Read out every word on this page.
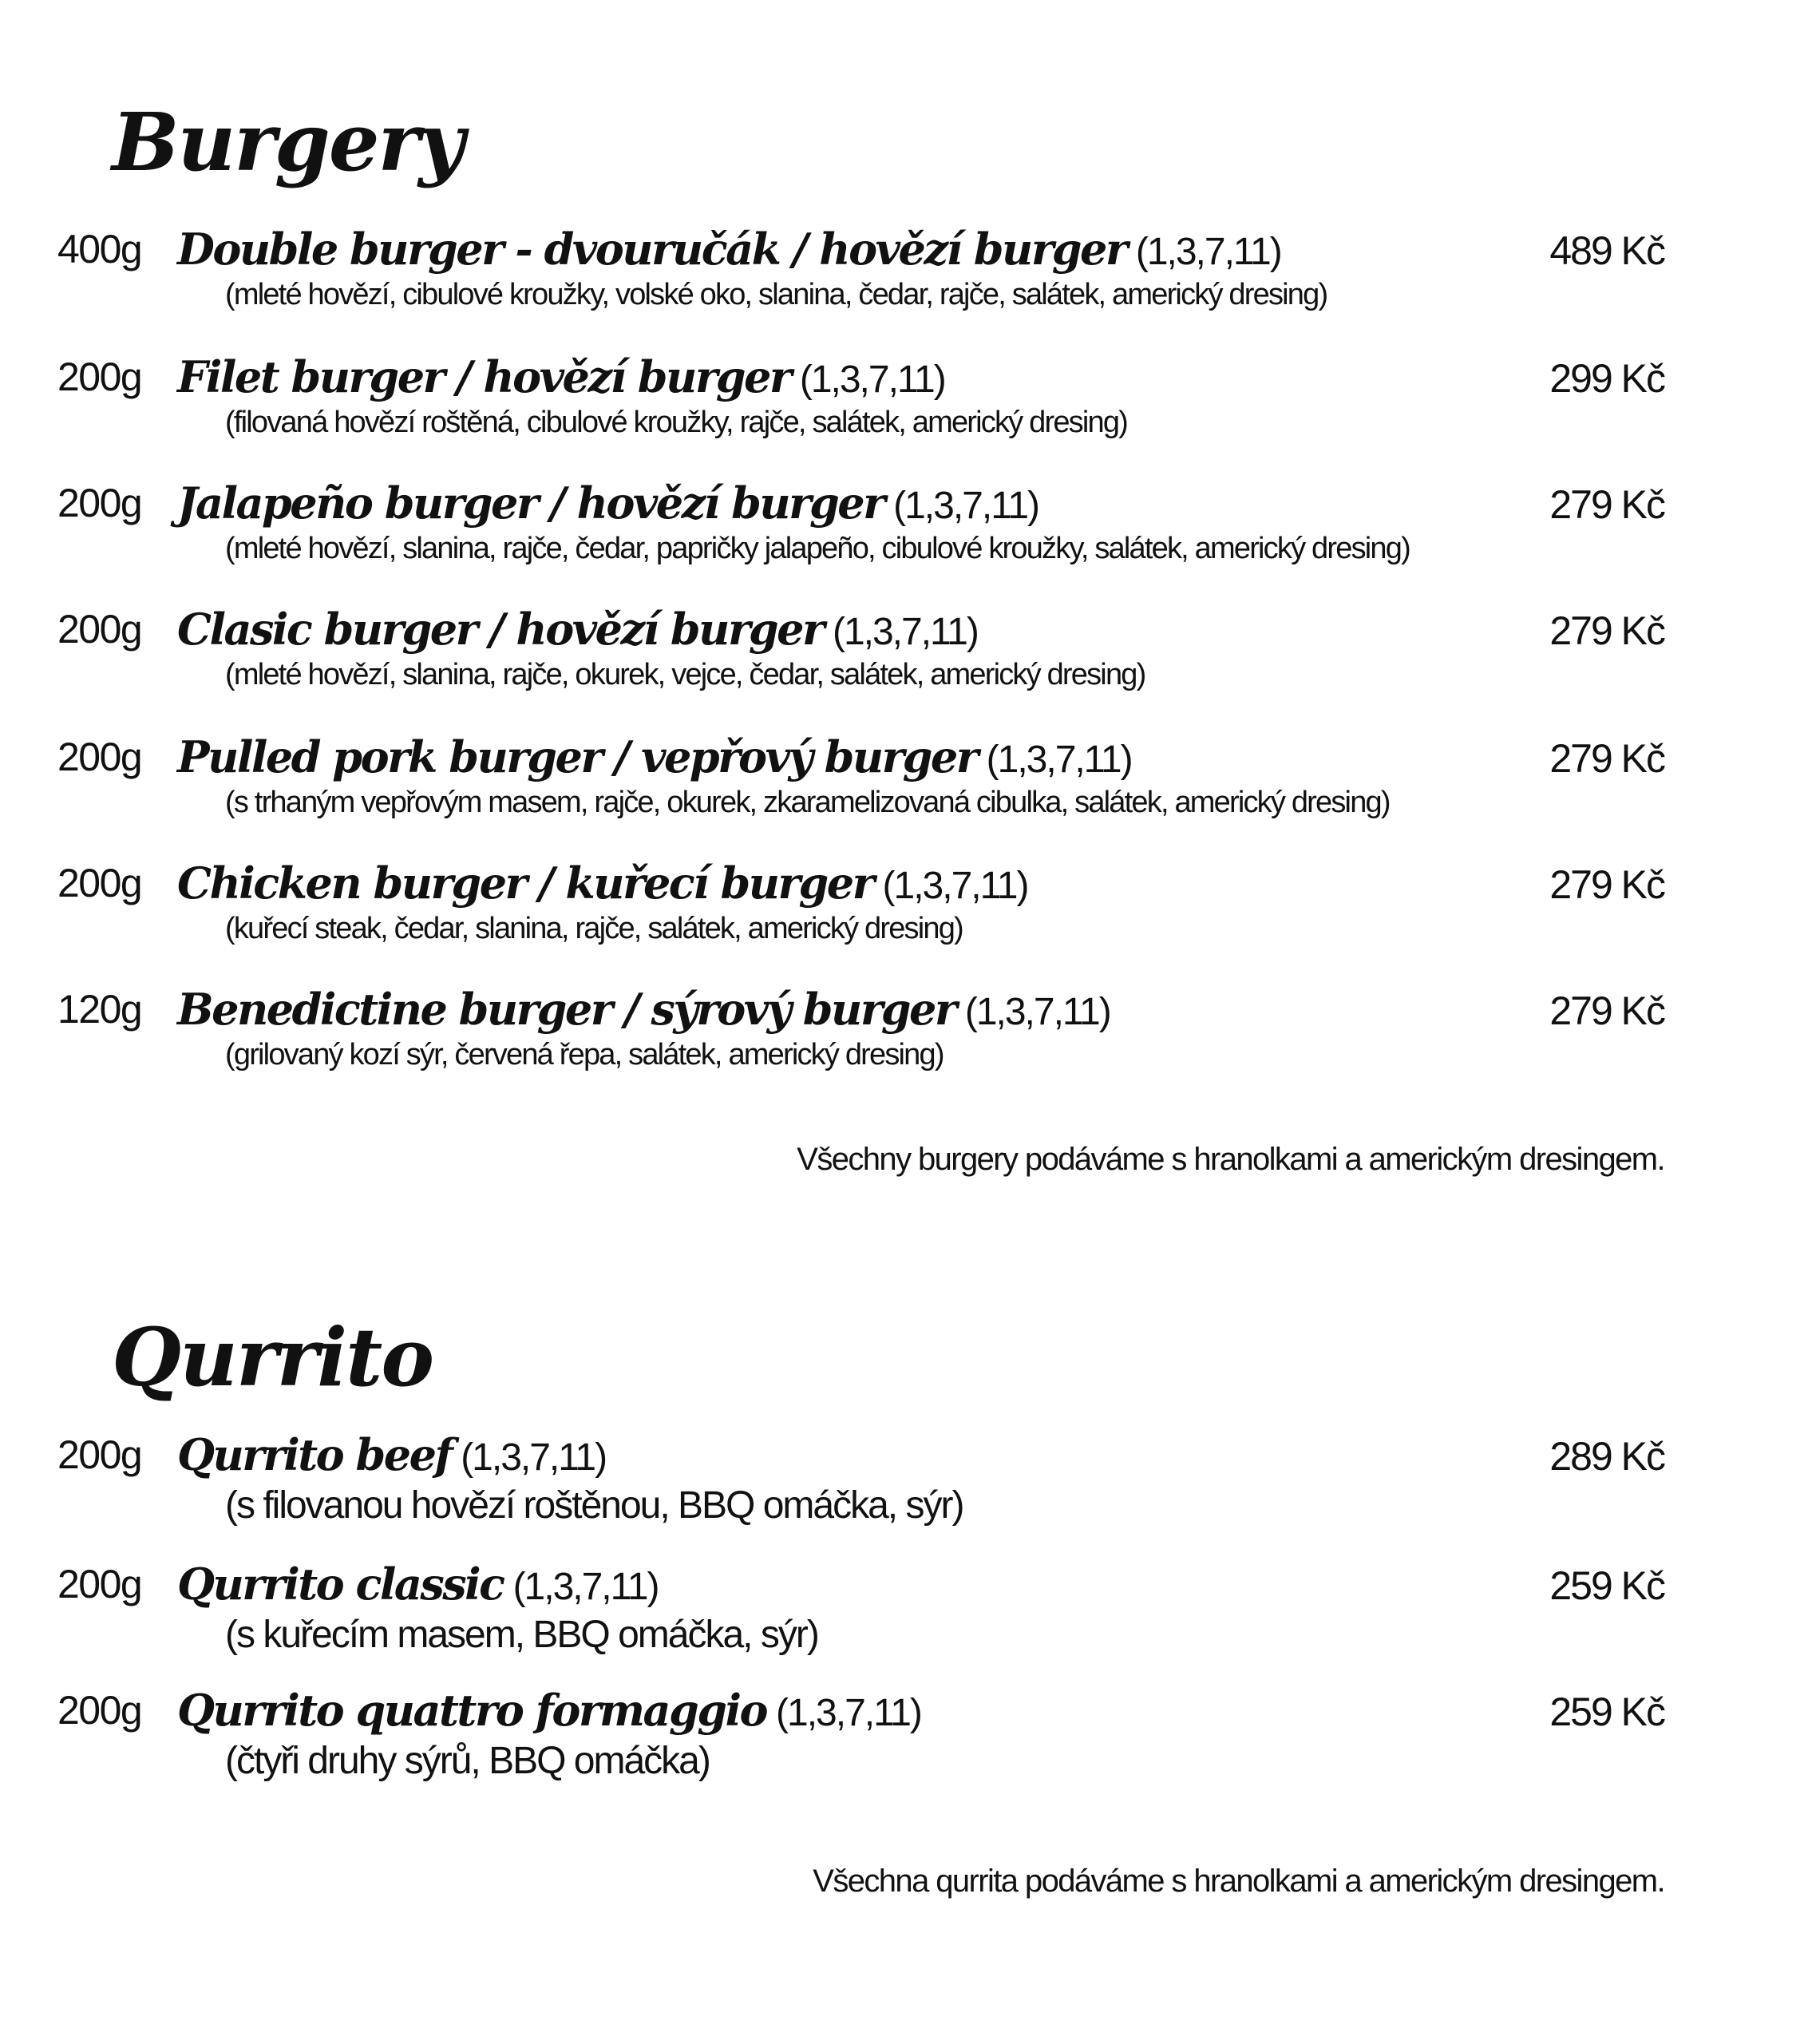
Burgery
400g Double burger - dvouručák / hovězí burger (1,3,7,11)
(mleté hovězí, cibulové kroužky, volské oko, slanina, čedar, rajče, salátek, americký dresing)
489 Kč
200g Filet burger / hovězí burger (1,3,7,11)
(filovaná hovězí roštěná, cibulové kroužky, rajče, salátek, americký dresing)
299 Kč
200g Jalapeño burger / hovězí burger (1,3,7,11)
(mleté hovězí, slanina, rajče, čedar, papričky jalapeño, cibulové kroužky, salátek, americký dresing)
279 Kč
200g Clasic burger / hovězí burger (1,3,7,11)
(mleté hovězí, slanina, rajče, okurek, vejce, čedar, salátek, americký dresing)
279 Kč
200g Pulled pork burger / vepřový burger (1,3,7,11)
(s trhaným vepřovým masem, rajče, okurek, zkaramelizovaná cibulka, salátek, americký dresing)
279 Kč
200g Chicken burger / kuřecí burger (1,3,7,11)
(kuřecí steak, čedar, slanina, rajče, salátek, americký dresing)
279 Kč
120g Benedictine burger / sýrový burger (1,3,7,11)
(grilovaný kozí sýr, červená řepa, salátek, americký dresing)
279 Kč
Všechny burgery podáváme s hranolkami a americkým dresingem.
Qurrito
200g Qurrito beef (1,3,7,11)
(s filovanou hovězí roštěnou, BBQ omáčka, sýr)
289 Kč
200g Qurrito classic (1,3,7,11)
(s kuřecím masem, BBQ omáčka, sýr)
259 Kč
200g Qurrito quattro formaggio (1,3,7,11)
(čtyři druhy sýrů, BBQ omáčka)
259 Kč
Všechna qurrita podáváme s hranolkami a americkým dresingem.
